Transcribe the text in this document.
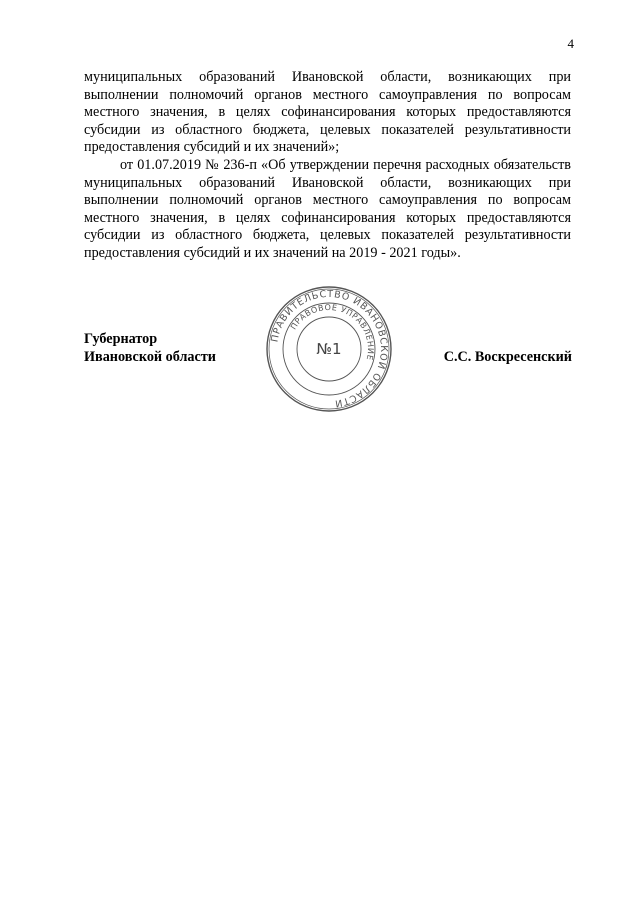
4

муниципальных образований Ивановской области, возникающих при выполнении полномочий органов местного самоуправления по вопросам местного значения, в целях софинансирования которых предоставляются субсидии из областного бюджета, целевых показателей результативности предоставления субсидий и их значений»;

от 01.07.2019 № 236-п «Об утверждении перечня расходных обязательств муниципальных образований Ивановской области, возникающих при выполнении полномочий органов местного самоуправления по вопросам местного значения, в целях софинансирования которых предоставляются субсидии из областного бюджета, целевых показателей результативности предоставления субсидий и их значений на 2019 - 2021 годы».

Губернатор
Ивановской области	С.С. Воскресенский
ПРАВИТЕЛЬСТВО ИВАНОВСКОЙ ОБЛАСТИ
ПРАВОВОЕ УПРАВЛЕНИЕ
№1
